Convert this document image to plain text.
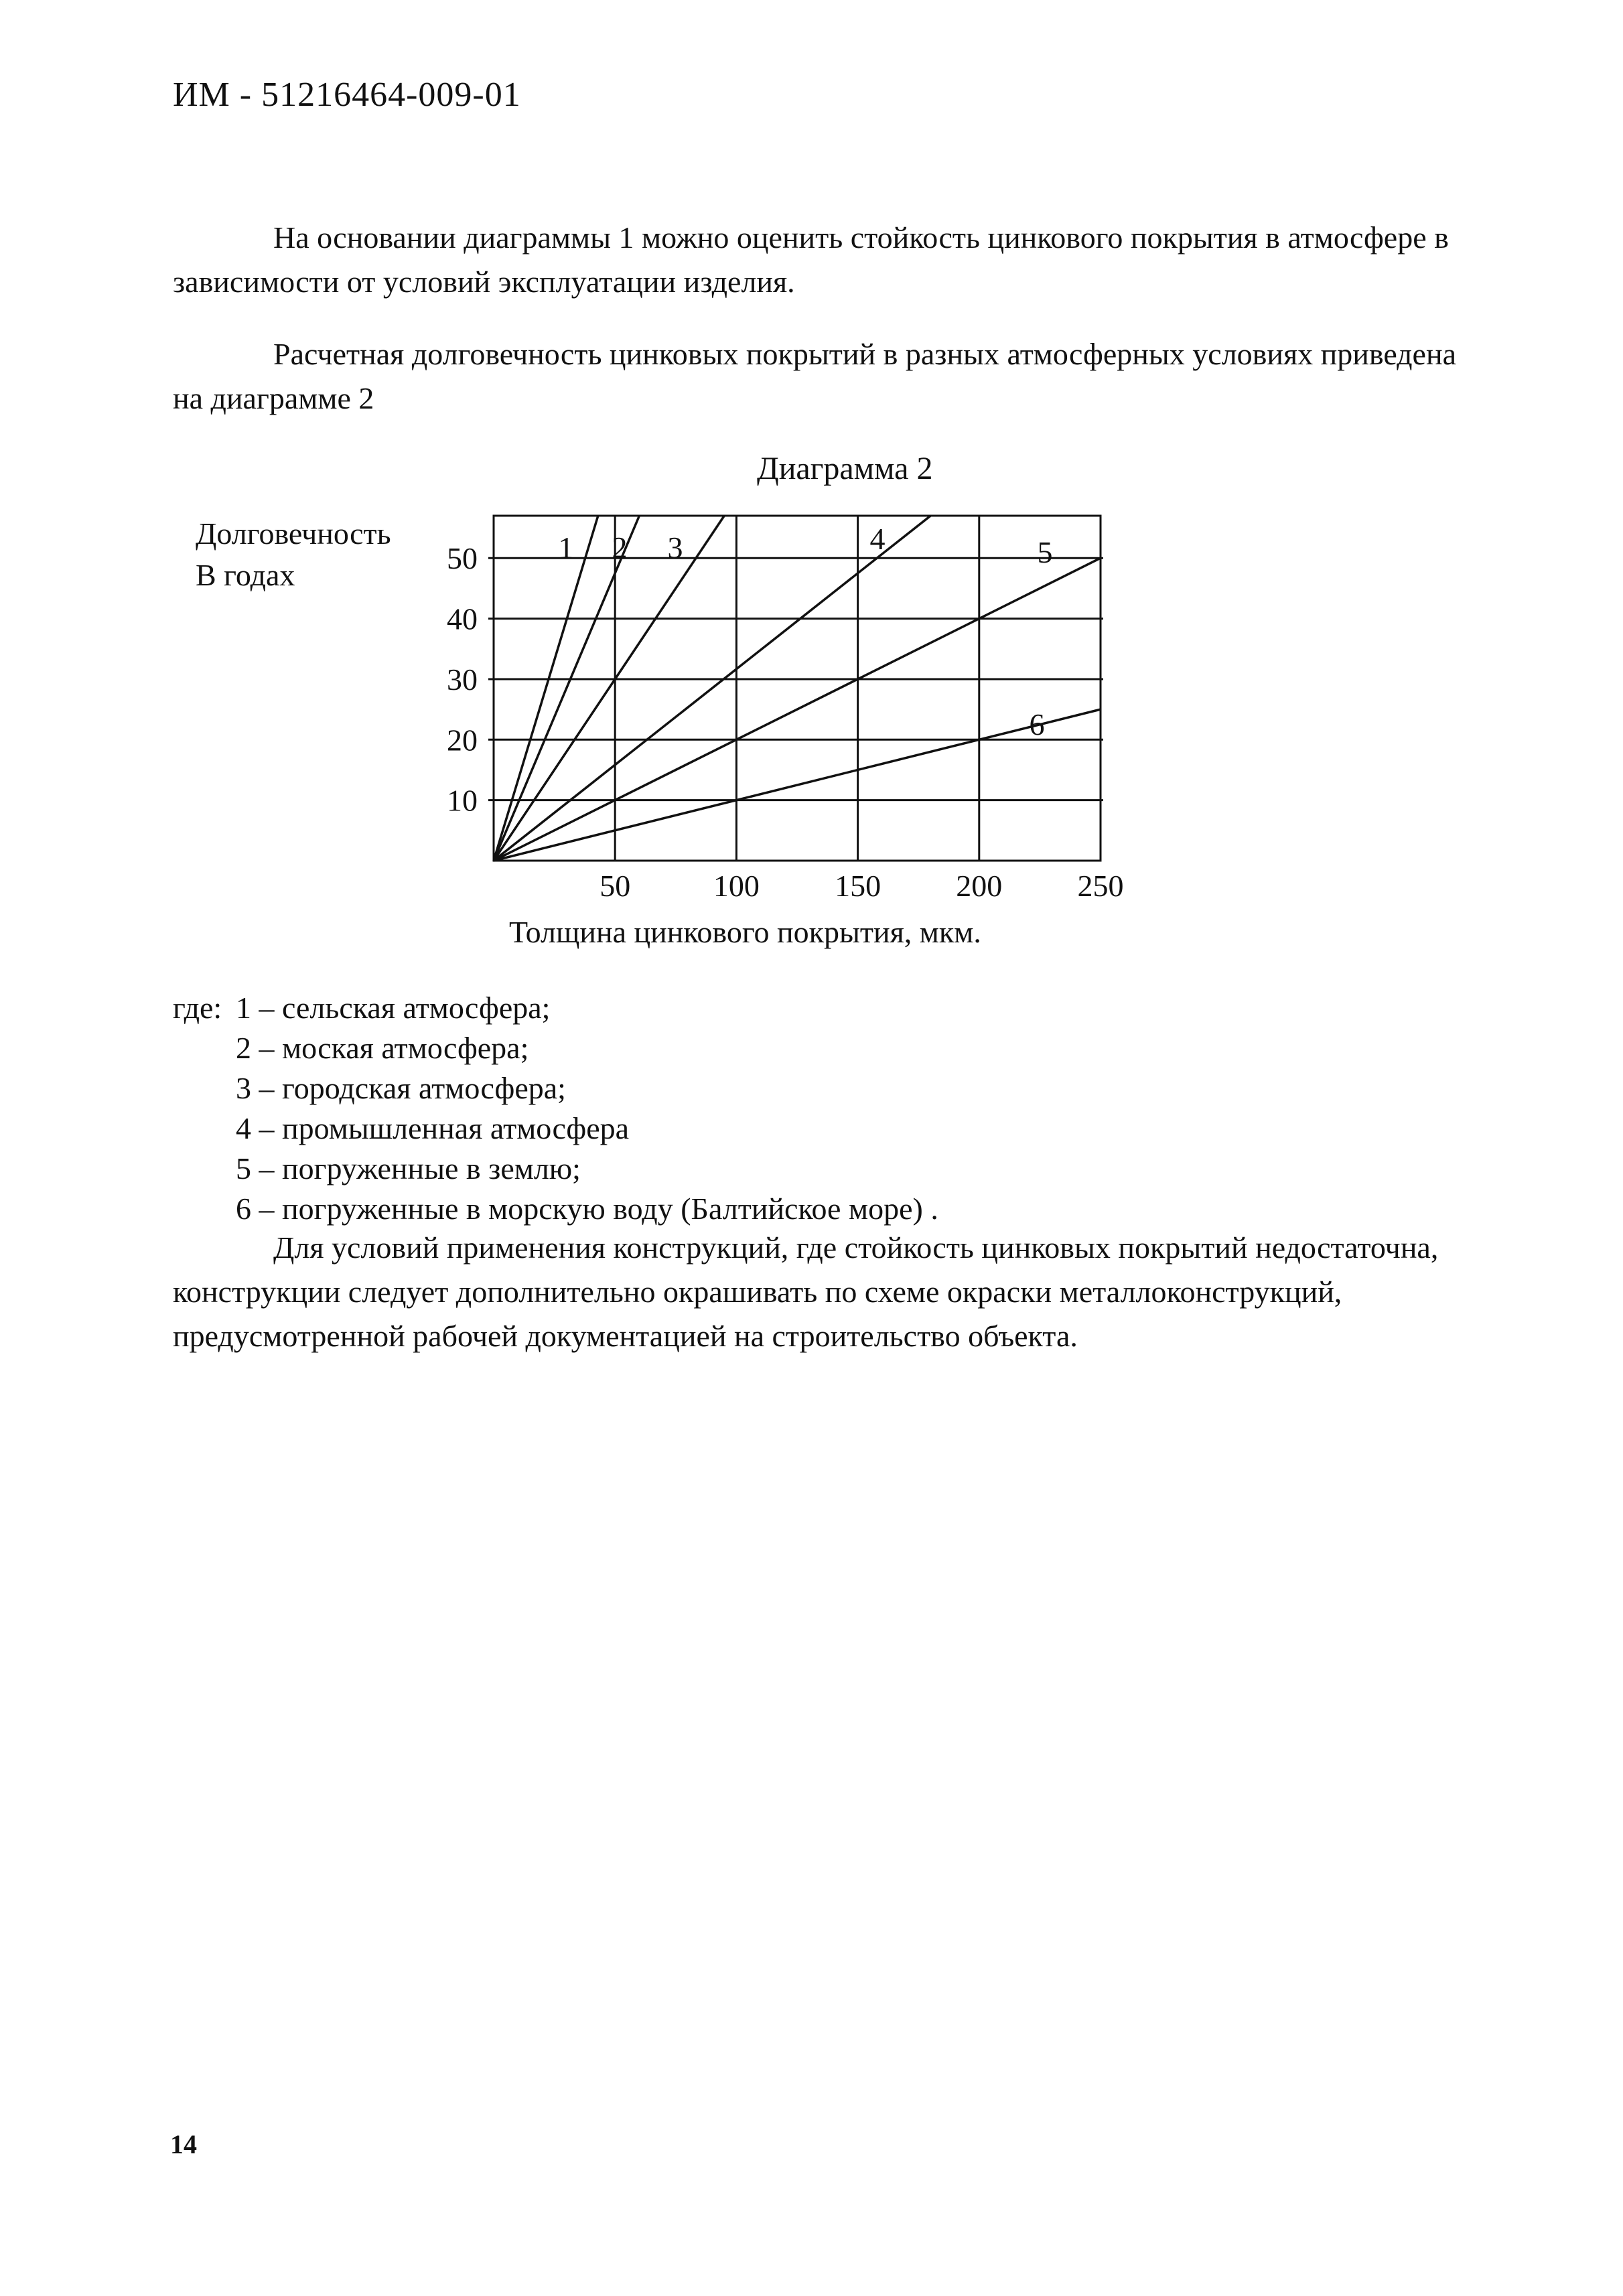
ИМ - 51216464-009-01
На основании диаграммы 1 можно оценить стойкость цинкового покрытия в атмосфере в зависимости от условий эксплуатации изделия.
Расчетная долговечность цинковых покрытий в разных атмосферных условиях приведена на диаграмме 2
Диаграмма 2
Долговечность
В годах
1 2 3	4	5
6
10
20
30
40
50
50	100 150 200 250
Толщина цинкового покрытия, мкм.
где: 1 – сельская атмосфера;
2 – моская атмосфера;
3 – городская атмосфера;
4 – промышленная атмосфера
5 – погруженные в землю;
6 – погруженные в морскую воду (Балтийское море) .
Для условий применения конструкций, где стойкость цинковых покрытий недостаточна, конструкции следует дополнительно окрашивать по схеме окраски металлоконструкций, предусмотренной рабочей документацией на строительство объекта.
14
